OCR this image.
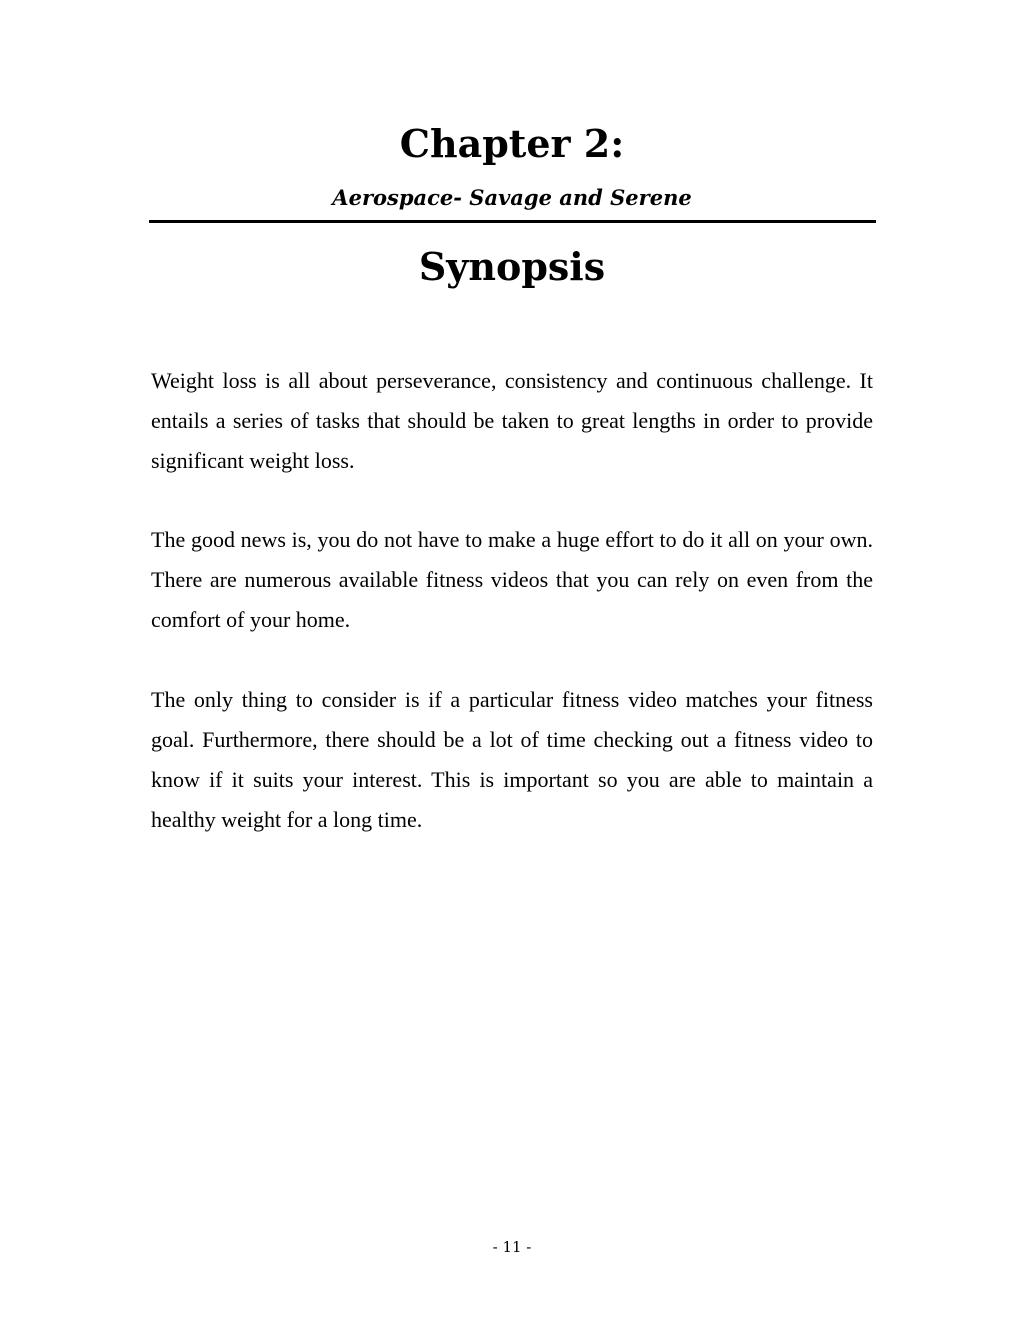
Chapter 2:

Aerospace- Savage and Serene

Synopsis

Weight loss is all about perseverance, consistency and continuous challenge. It entails a series of tasks that should be taken to great lengths in order to provide significant weight loss.

The good news is, you do not have to make a huge effort to do it all on your own. There are numerous available fitness videos that you can rely on even from the comfort of your home.

The only thing to consider is if a particular fitness video matches your fitness goal. Furthermore, there should be a lot of time checking out a fitness video to know if it suits your interest. This is important so you are able to maintain a healthy weight for a long time.

- 11 -
